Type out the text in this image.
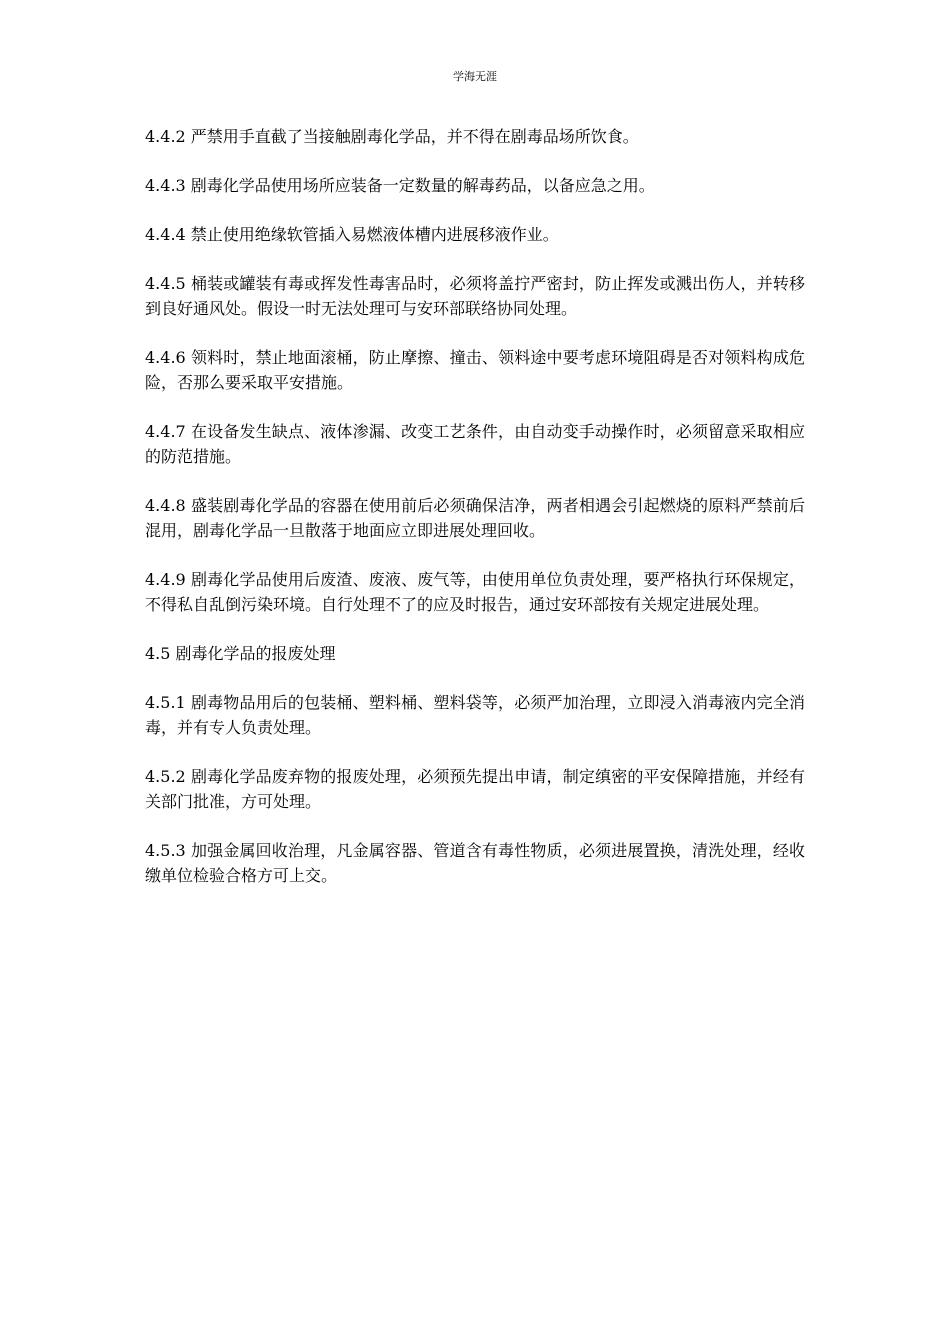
学海无涯

4.4.2 严禁用手直截了当接触剧毒化学品，并不得在剧毒品场所饮食。

4.4.3 剧毒化学品使用场所应装备一定数量的解毒药品，以备应急之用。

4.4.4 禁止使用绝缘软管插入易燃液体槽内进展移液作业。

4.4.5 桶装或罐装有毒或挥发性毒害品时，必须将盖拧严密封，防止挥发或溅出伤人，并转移到良好通风处。假设一时无法处理可与安环部联络协同处理。

4.4.6 领料时，禁止地面滚桶，防止摩擦、撞击、领料途中要考虑环境阻碍是否对领料构成危险，否那么要采取平安措施。

4.4.7 在设备发生缺点、液体渗漏、改变工艺条件，由自动变手动操作时，必须留意采取相应的防范措施。

4.4.8 盛装剧毒化学品的容器在使用前后必须确保洁净，两者相遇会引起燃烧的原料严禁前后混用，剧毒化学品一旦散落于地面应立即进展处理回收。

4.4.9 剧毒化学品使用后废渣、废液、废气等，由使用单位负责处理，要严格执行环保规定，不得私自乱倒污染环境。自行处理不了的应及时报告，通过安环部按有关规定进展处理。

4.5 剧毒化学品的报废处理

4.5.1 剧毒物品用后的包装桶、塑料桶、塑料袋等，必须严加治理，立即浸入消毒液内完全消毒，并有专人负责处理。

4.5.2 剧毒化学品废弃物的报废处理，必须预先提出申请，制定缜密的平安保障措施，并经有关部门批准，方可处理。

4.5.3 加强金属回收治理，凡金属容器、管道含有毒性物质，必须进展置换，清洗处理，经收缴单位检验合格方可上交。
